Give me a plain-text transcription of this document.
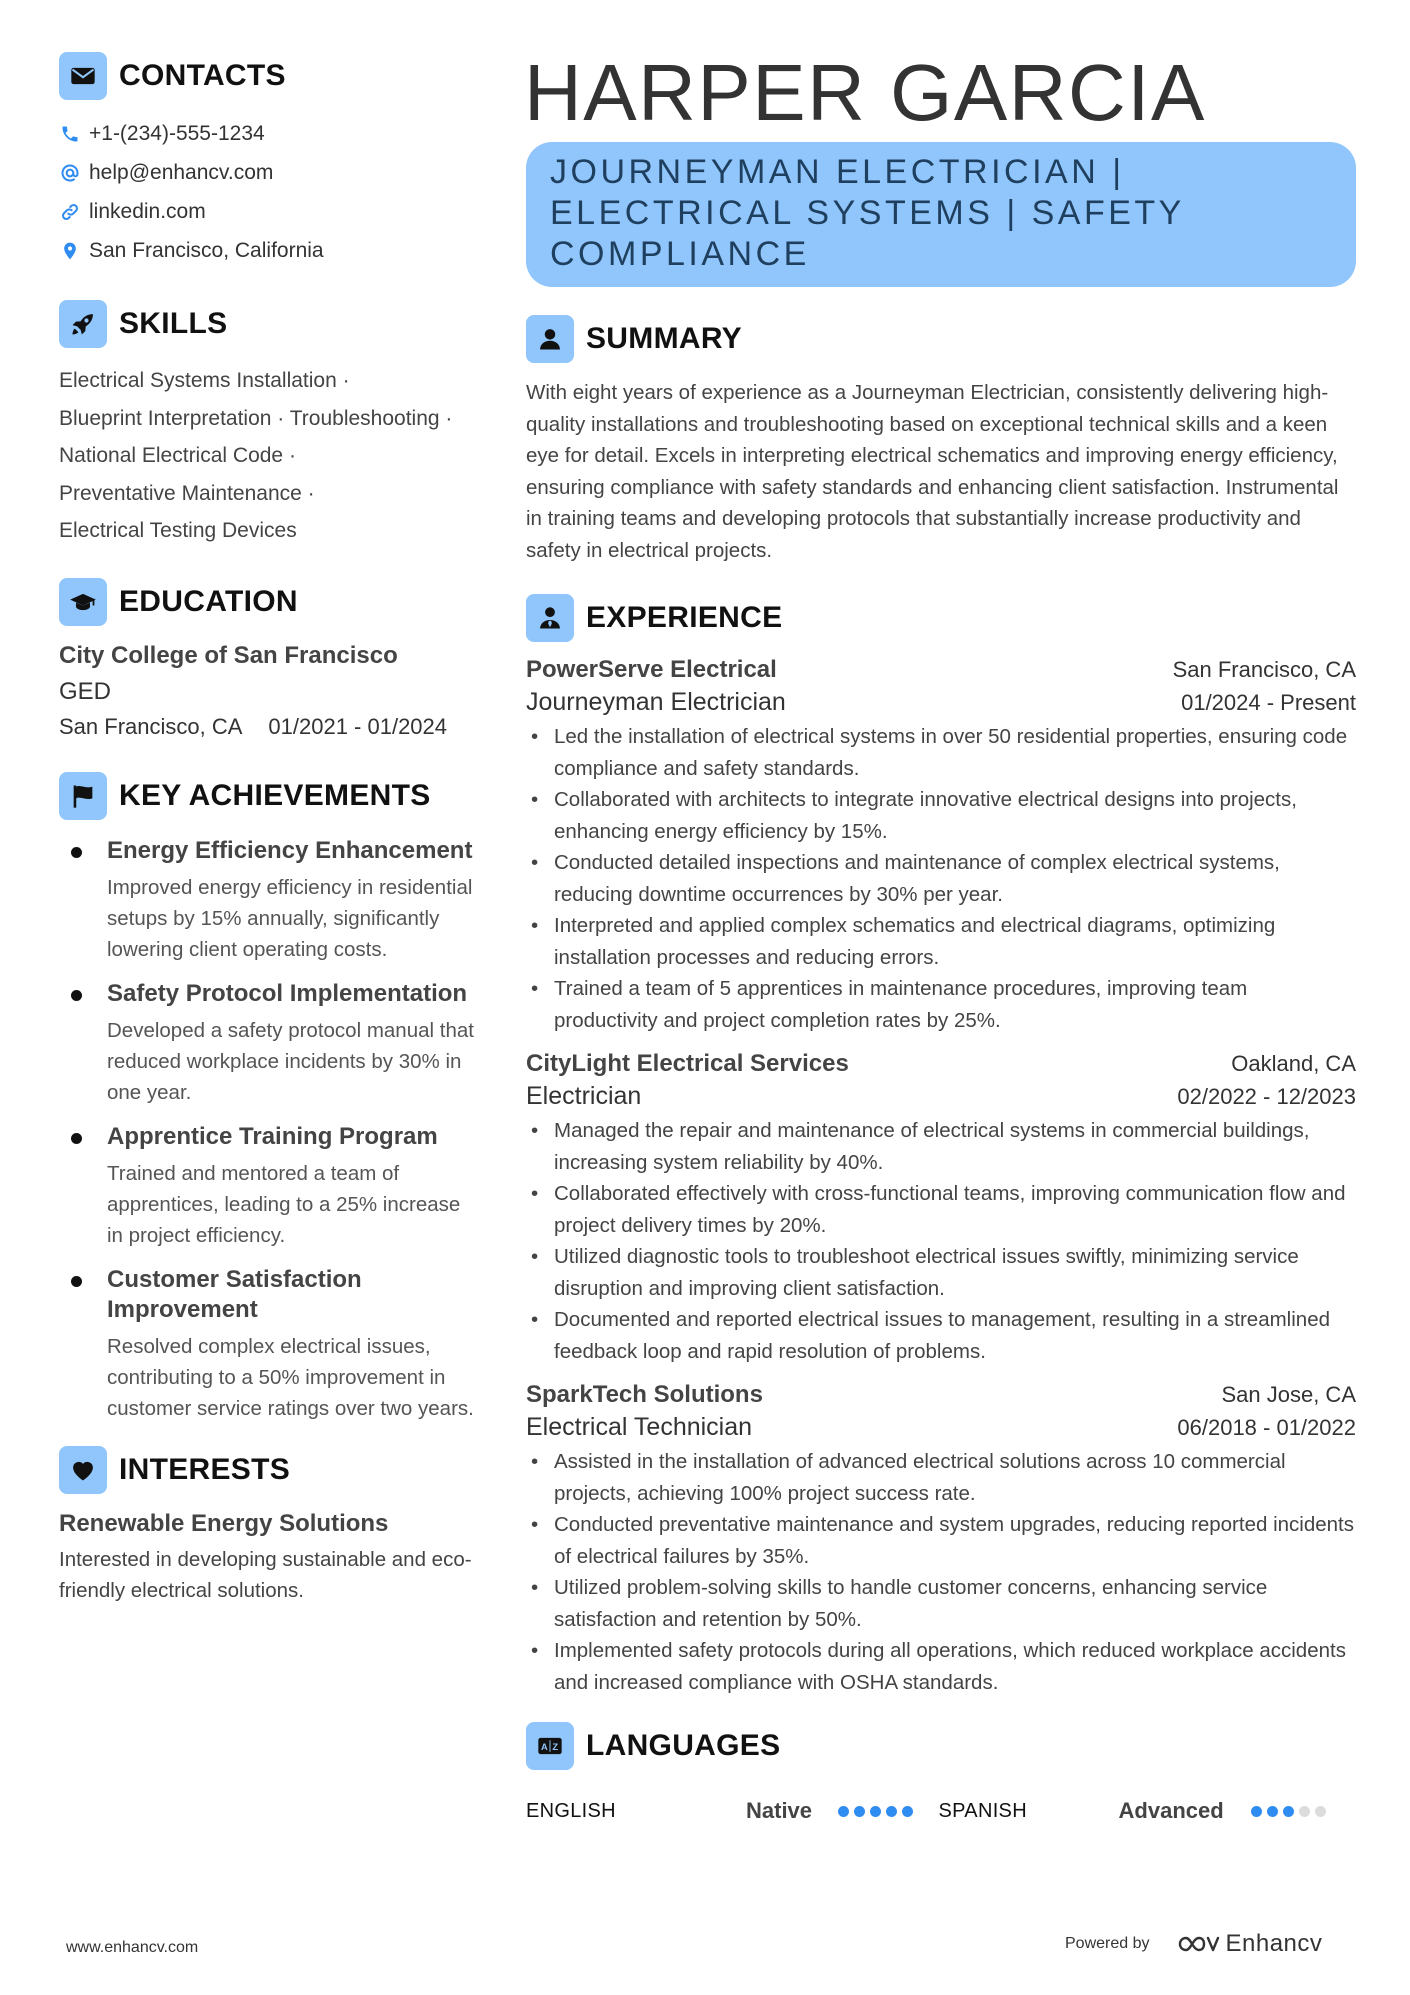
CONTACTS
+1-(234)-555-1234
help@enhancv.com
linkedin.com
San Francisco, California
SKILLS
Electrical Systems Installation ·
Blueprint Interpretation · Troubleshooting ·
National Electrical Code ·
Preventative Maintenance ·
Electrical Testing Devices
EDUCATION
City College of San Francisco
GED
San Francisco, CA 01/2021 - 01/2024
KEY ACHIEVEMENTS
Energy Efficiency Enhancement
Improved energy efficiency in residential setups by 15% annually, significantly lowering client operating costs.
Safety Protocol Implementation
Developed a safety protocol manual that reduced workplace incidents by 30% in one year.
Apprentice Training Program
Trained and mentored a team of apprentices, leading to a 25% increase in project efficiency.
Customer Satisfaction Improvement
Resolved complex electrical issues, contributing to a 50% improvement in customer service ratings over two years.
INTERESTS
Renewable Energy Solutions
Interested in developing sustainable and eco-friendly electrical solutions.
HARPER GARCIA
JOURNEYMAN ELECTRICIAN | ELECTRICAL SYSTEMS | SAFETY COMPLIANCE
SUMMARY
With eight years of experience as a Journeyman Electrician, consistently delivering high-quality installations and troubleshooting based on exceptional technical skills and a keen eye for detail. Excels in interpreting electrical schematics and improving energy efficiency, ensuring compliance with safety standards and enhancing client satisfaction. Instrumental in training teams and developing protocols that substantially increase productivity and safety in electrical projects.
EXPERIENCE
PowerServe Electrical	San Francisco, CA
Journeyman Electrician	01/2024 - Present
• Led the installation of electrical systems in over 50 residential properties, ensuring code compliance and safety standards.
• Collaborated with architects to integrate innovative electrical designs into projects, enhancing energy efficiency by 15%.
• Conducted detailed inspections and maintenance of complex electrical systems, reducing downtime occurrences by 30% per year.
• Interpreted and applied complex schematics and electrical diagrams, optimizing installation processes and reducing errors.
• Trained a team of 5 apprentices in maintenance procedures, improving team productivity and project completion rates by 25%.
CityLight Electrical Services	Oakland, CA
Electrician	02/2022 - 12/2023
• Managed the repair and maintenance of electrical systems in commercial buildings, increasing system reliability by 40%.
• Collaborated effectively with cross-functional teams, improving communication flow and project delivery times by 20%.
• Utilized diagnostic tools to troubleshoot electrical issues swiftly, minimizing service disruption and improving client satisfaction.
• Documented and reported electrical issues to management, resulting in a streamlined feedback loop and rapid resolution of problems.
SparkTech Solutions	San Jose, CA
Electrical Technician	06/2018 - 01/2022
• Assisted in the installation of advanced electrical solutions across 10 commercial projects, achieving 100% project success rate.
• Conducted preventative maintenance and system upgrades, reducing reported incidents of electrical failures by 35%.
• Utilized problem-solving skills to handle customer concerns, enhancing service satisfaction and retention by 50%.
• Implemented safety protocols during all operations, which reduced workplace accidents and increased compliance with OSHA standards.
A Z LANGUAGES
ENGLISH	Native	SPANISH	Advanced
www.enhancv.com	Powered by	Enhancv
